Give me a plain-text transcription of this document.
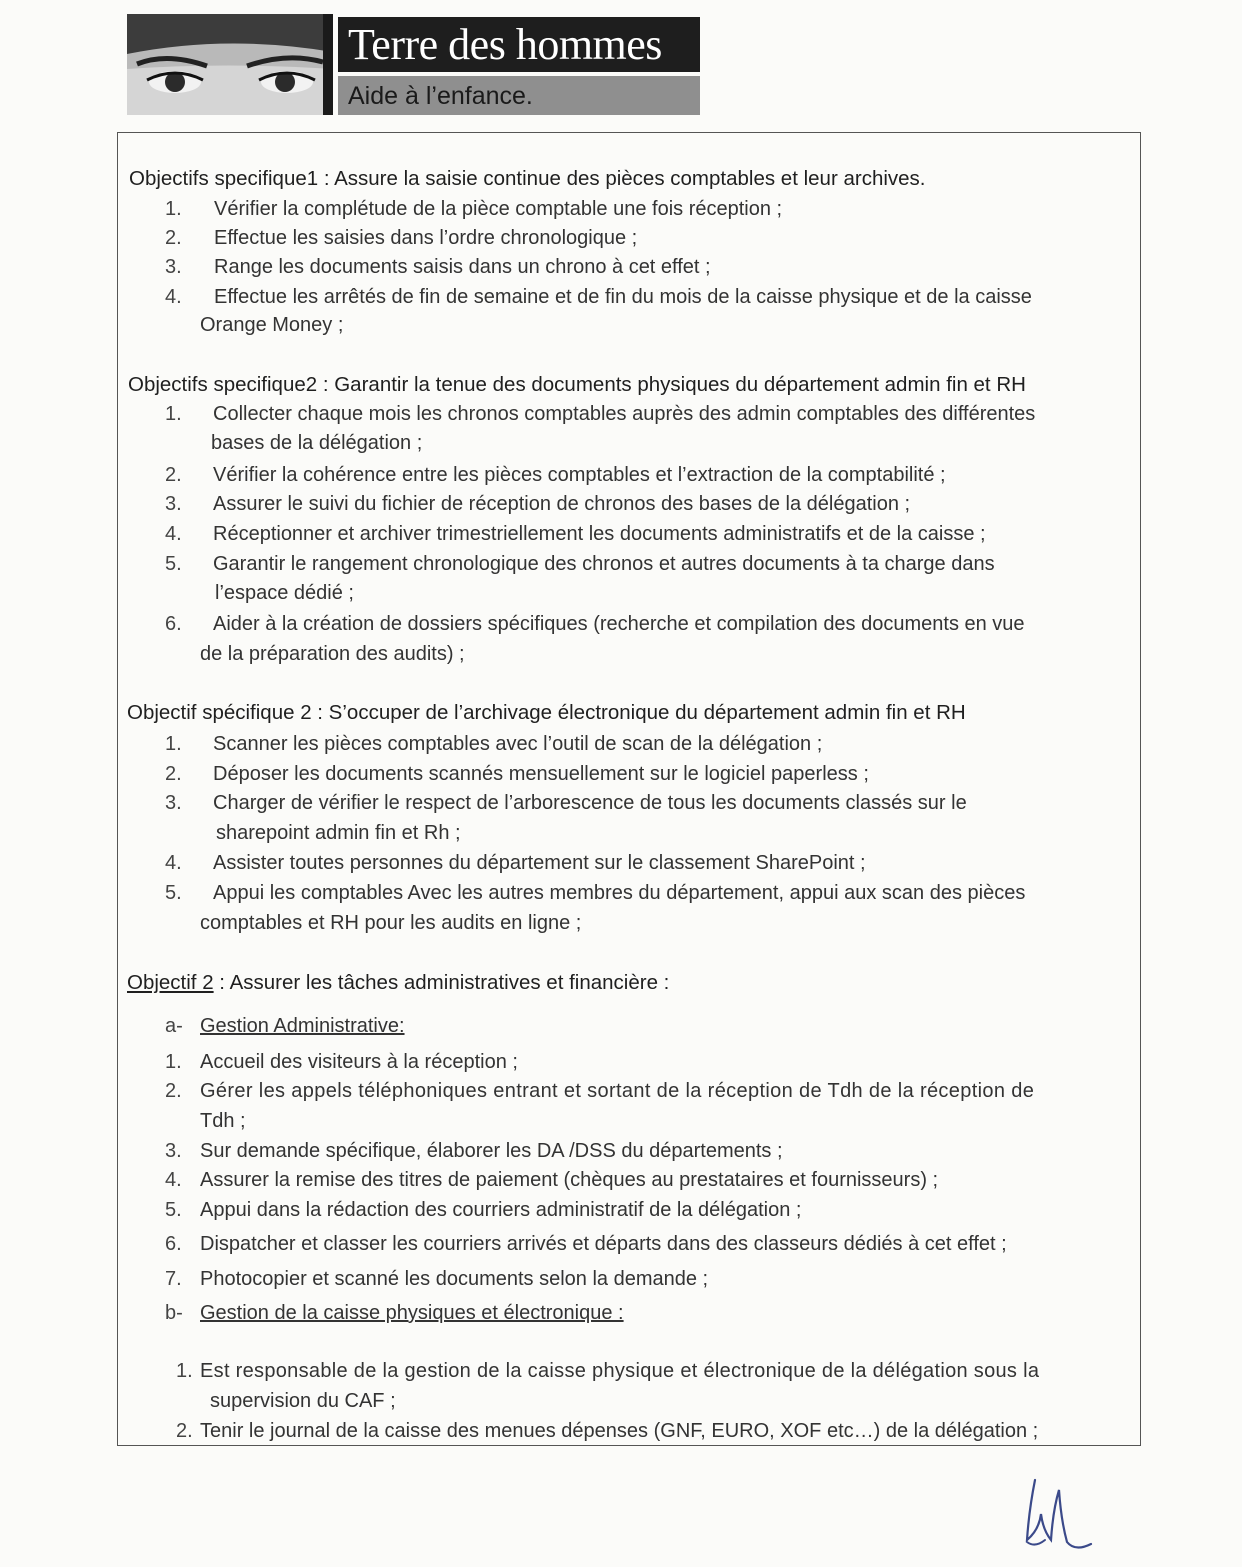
Terre des hommes
Aide à l’enfance.
Objectifs specifique1 : Assure la saisie continue des pièces comptables et leur archives.
1. Vérifier la complétude de la pièce comptable une fois réception ;
2. Effectue les saisies dans l’ordre chronologique ;
3. Range les documents saisis dans un chrono à cet effet ;
4. Effectue les arrêtés de fin de semaine et de fin du mois de la caisse physique et de la caisse
Orange Money ;
Objectifs specifique2 : Garantir la tenue des documents physiques du département admin fin et RH
1. Collecter chaque mois les chronos comptables auprès des admin comptables des différentes
bases de la délégation ;
2. Vérifier la cohérence entre les pièces comptables et l’extraction de la comptabilité ;
3. Assurer le suivi du fichier de réception de chronos des bases de la délégation ;
4. Réceptionner et archiver trimestriellement les documents administratifs et de la caisse ;
5. Garantir le rangement chronologique des chronos et autres documents à ta charge dans
l’espace dédié ;
6. Aider à la création de dossiers spécifiques (recherche et compilation des documents en vue
de la préparation des audits) ;
Objectif spécifique 2 : S’occuper de l’archivage électronique du département admin fin et RH
1. Scanner les pièces comptables avec l’outil de scan de la délégation ;
2. Déposer les documents scannés mensuellement sur le logiciel paperless ;
3. Charger de vérifier le respect de l’arborescence de tous les documents classés sur le
sharepoint admin fin et Rh ;
4. Assister toutes personnes du département sur le classement SharePoint ;
5. Appui les comptables Avec les autres membres du département, appui aux scan des pièces
comptables et RH pour les audits en ligne ;
Objectif 2 : Assurer les tâches administratives et financière :
a- Gestion Administrative:
1. Accueil des visiteurs à la réception ;
2. Gérer les appels téléphoniques entrant et sortant de la réception de Tdh de la réception de
Tdh ;
3. Sur demande spécifique, élaborer les DA /DSS du départements ;
4. Assurer la remise des titres de paiement (chèques au prestataires et fournisseurs) ;
5. Appui dans la rédaction des courriers administratif de la délégation ;
6. Dispatcher et classer les courriers arrivés et départs dans des classeurs dédiés à cet effet ;
7. Photocopier et scanné les documents selon la demande ;
b- Gestion de la caisse physiques et électronique :
1. Est responsable de la gestion de la caisse physique et électronique de la délégation sous la
supervision du CAF ;
2. Tenir le journal de la caisse des menues dépenses (GNF, EURO, XOF etc…) de la délégation ;
